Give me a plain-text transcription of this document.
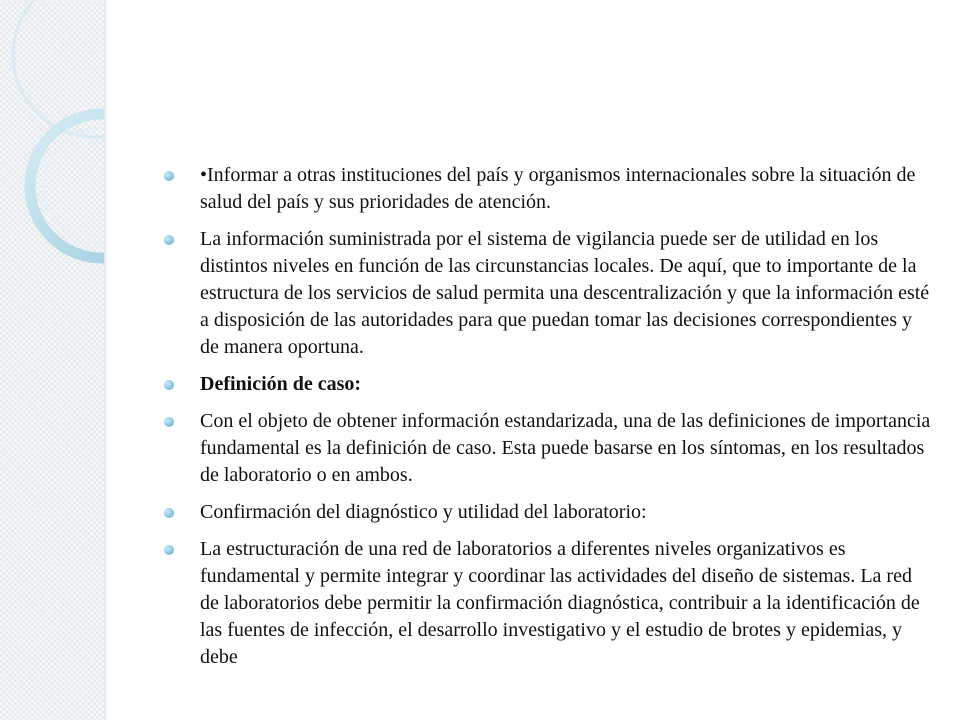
•Informar a otras instituciones del país y organismos internacionales sobre la situación de salud del país y sus prioridades de atención.
La información suministrada por el sistema de vigilancia puede ser de utilidad en los distintos niveles en función de las circunstancias locales. De aquí, que to importante de la estructura de los servicios de salud permita una descentralización y que la información esté a disposición de las autoridades para que puedan tomar las decisiones correspondientes y de manera oportuna.
Definición de caso:
Con el objeto de obtener información estandarizada, una de las definiciones de importancia fundamental es la definición de caso. Esta puede basarse en los síntomas, en los resultados de laboratorio o en ambos.
Confirmación del diagnóstico y utilidad del laboratorio:
La estructuración de una red de laboratorios a diferentes niveles organizativos es fundamental y permite integrar y coordinar las actividades del diseño de sistemas. La red de laboratorios debe permitir la confirmación diagnóstica, contribuir a la identificación de las fuentes de infección, el desarrollo investigativo y el estudio de brotes y epidemias, y debe
